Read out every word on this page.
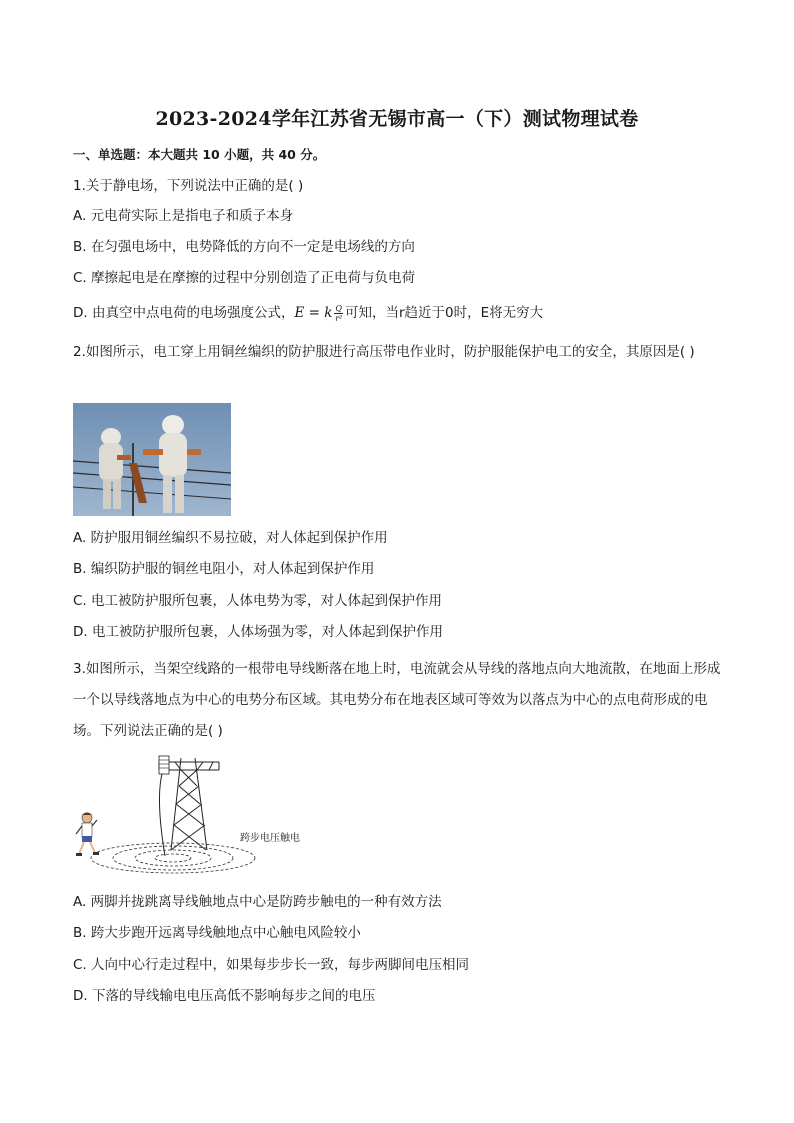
2023-2024学年江苏省无锡市高一（下）测试物理试卷
一、单选题：本大题共 10 小题，共 40 分。
1.关于静电场，下列说法中正确的是( )
A. 元电荷实际上是指电子和质子本身
B. 在匀强电场中，电势降低的方向不一定是电场线的方向
C. 摩擦起电是在摩擦的过程中分别创造了正电荷与负电荷
D. 由真空中点电荷的电场强度公式，E = k $\frac{Q}{\text{r²}}$ 可知，当r趋近于0时，E将无穷大
2.如图所示，电工穿上用铜丝编织的防护服进行高压带电作业时，防护服能保护电工的安全，其原因是( )
A. 防护服用铜丝编织不易拉破，对人体起到保护作用
B. 编织防护服的铜丝电阻小，对人体起到保护作用
C. 电工被防护服所包裹，人体电势为零，对人体起到保护作用
D. 电工被防护服所包裹，人体场强为零，对人体起到保护作用
3.如图所示，当架空线路的一根带电导线断落在地上时，电流就会从导线的落地点向大地流散，在地面上形成一个以导线落地点为中心的电势分布区域。其电势分布在地表区域可等效为以落点为中心的点电荷形成的电场。下列说法正确的是( )
跨步电压触电
A. 两脚并拢跳离导线触地点中心是防跨步触电的一种有效方法
B. 跨大步跑开远离导线触地点中心触电风险较小
C. 人向中心行走过程中，如果每步步长一致，每步两脚间电压相同
D. 下落的导线输电电压高低不影响每步之间的电压
